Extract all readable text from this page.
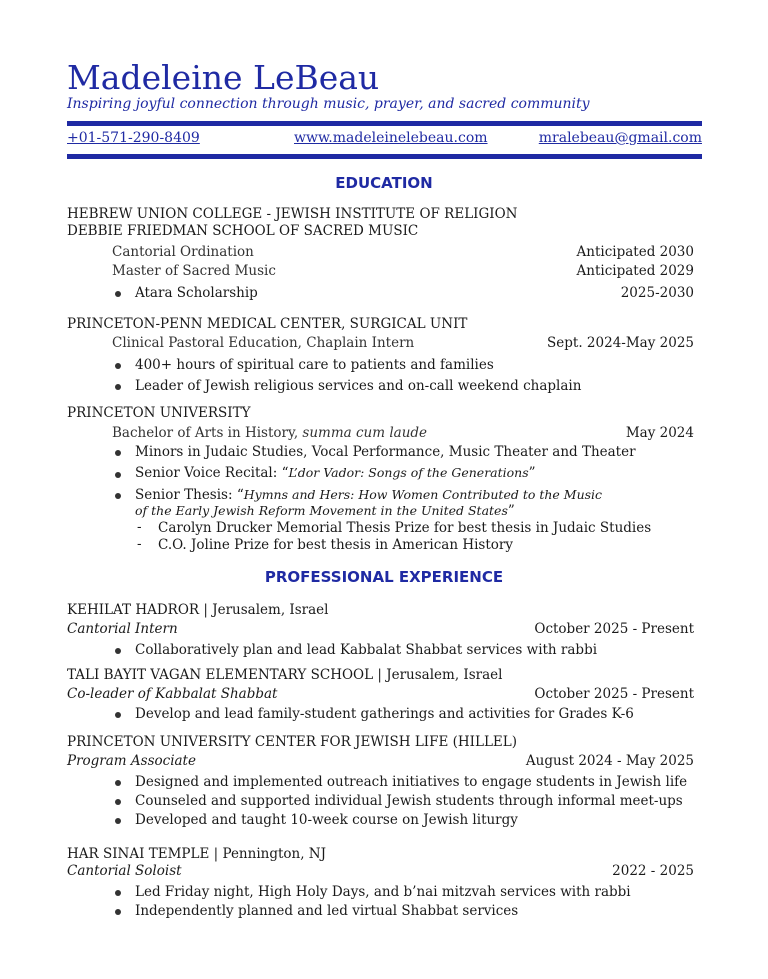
Madeleine LeBeau
Inspiring joyful connection through music, prayer, and sacred community
+01-571-290-8409	www.madeleinelebeau.com	mralebeau@gmail.com
EDUCATION
HEBREW UNION COLLEGE - JEWISH INSTITUTE OF RELIGION
DEBBIE FRIEDMAN SCHOOL OF SACRED MUSIC
Cantorial Ordination	Anticipated 2030
Master of Sacred Music	Anticipated 2029
Atara Scholarship	2025-2030
PRINCETON-PENN MEDICAL CENTER, SURGICAL UNIT
Clinical Pastoral Education, Chaplain Intern	Sept. 2024-May 2025
400+ hours of spiritual care to patients and families
Leader of Jewish religious services and on-call weekend chaplain
PRINCETON UNIVERSITY
Bachelor of Arts in History, summa cum laude	May 2024
Minors in Judaic Studies, Vocal Performance, Music Theater and Theater
Senior Voice Recital: “L’dor Vador: Songs of the Generations”
Senior Thesis: “Hymns and Hers: How Women Contributed to the Music
of the Early Jewish Reform Movement in the United States”
- Carolyn Drucker Memorial Thesis Prize for best thesis in Judaic Studies
- C.O. Joline Prize for best thesis in American History
PROFESSIONAL EXPERIENCE
KEHILAT HADROR | Jerusalem, Israel
Cantorial Intern	October 2025 - Present
Collaboratively plan and lead Kabbalat Shabbat services with rabbi
TALI BAYIT VAGAN ELEMENTARY SCHOOL | Jerusalem, Israel
Co-leader of Kabbalat Shabbat	October 2025 - Present
Develop and lead family-student gatherings and activities for Grades K-6
PRINCETON UNIVERSITY CENTER FOR JEWISH LIFE (HILLEL)
Program Associate	August 2024 - May 2025
Designed and implemented outreach initiatives to engage students in Jewish life
Counseled and supported individual Jewish students through informal meet-ups
Developed and taught 10-week course on Jewish liturgy
HAR SINAI TEMPLE | Pennington, NJ
Cantorial Soloist	2022 - 2025
Led Friday night, High Holy Days, and b’nai mitzvah services with rabbi
Independently planned and led virtual Shabbat services
